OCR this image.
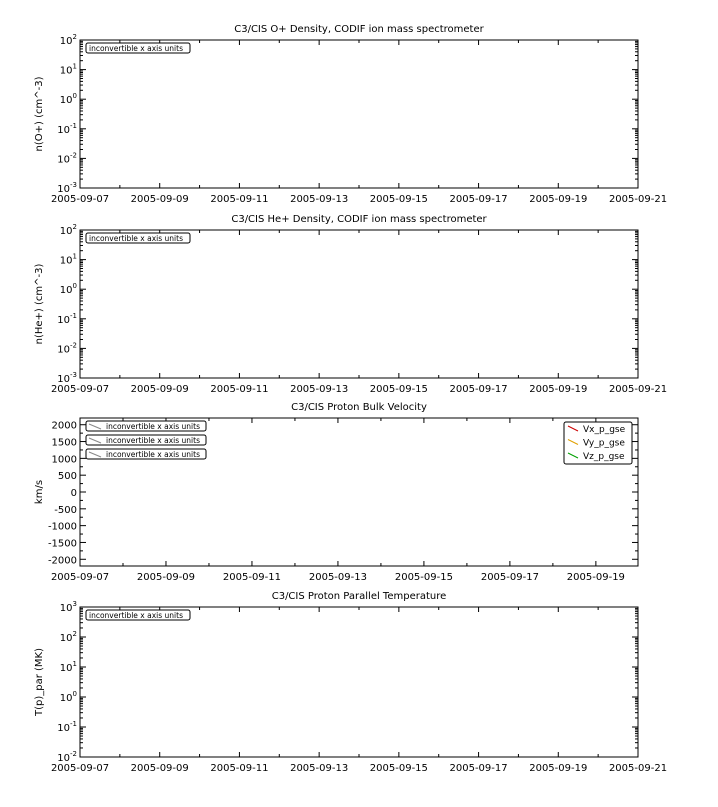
C3/CIS O+ Density, CODIF ion mass spectrometer
n(O+) (cm^-3)
2005-09-07 2005-09-09 2005-09-11 2005-09-13 2005-09-15 2005-09-17 2005-09-19 2005-09-21
$10^2$
$10^1$
$10^0$
$10^{-1}$
$10^{-2}$
$10^{-3}$
inconvertible x axis units
C3/CIS He+ Density, CODIF ion mass spectrometer
n(He+) (cm^-3)
2005-09-07 2005-09-09 2005-09-11 2005-09-13 2005-09-15 2005-09-17 2005-09-19 2005-09-21
$10^2$
$10^1$
$10^0$
$10^{-1}$
$10^{-2}$
$10^{-3}$
inconvertible x axis units
C3/CIS Proton Bulk Velocity
km/s
2005-09-07	2005-09-09	2005-09-11	2005-09-13	2005-09-15	2005-09-17	2005-09-19
2000
1500
1000
500
0
-500
-1000
-1500
-2000
inconvertible x axis units
inconvertible x axis units
inconvertible x axis units
Vx_p_gse
Vy_p_gse
Vz_p_gse
C3/CIS Proton Parallel Temperature
T(p)_par (MK)
2005-09-07 2005-09-09 2005-09-11 2005-09-13 2005-09-15 2005-09-17 2005-09-19 2005-09-21
$10^3$
$10^2$
$10^1$
$10^0$
$10^{-1}$
$10^{-2}$
inconvertible x axis units
